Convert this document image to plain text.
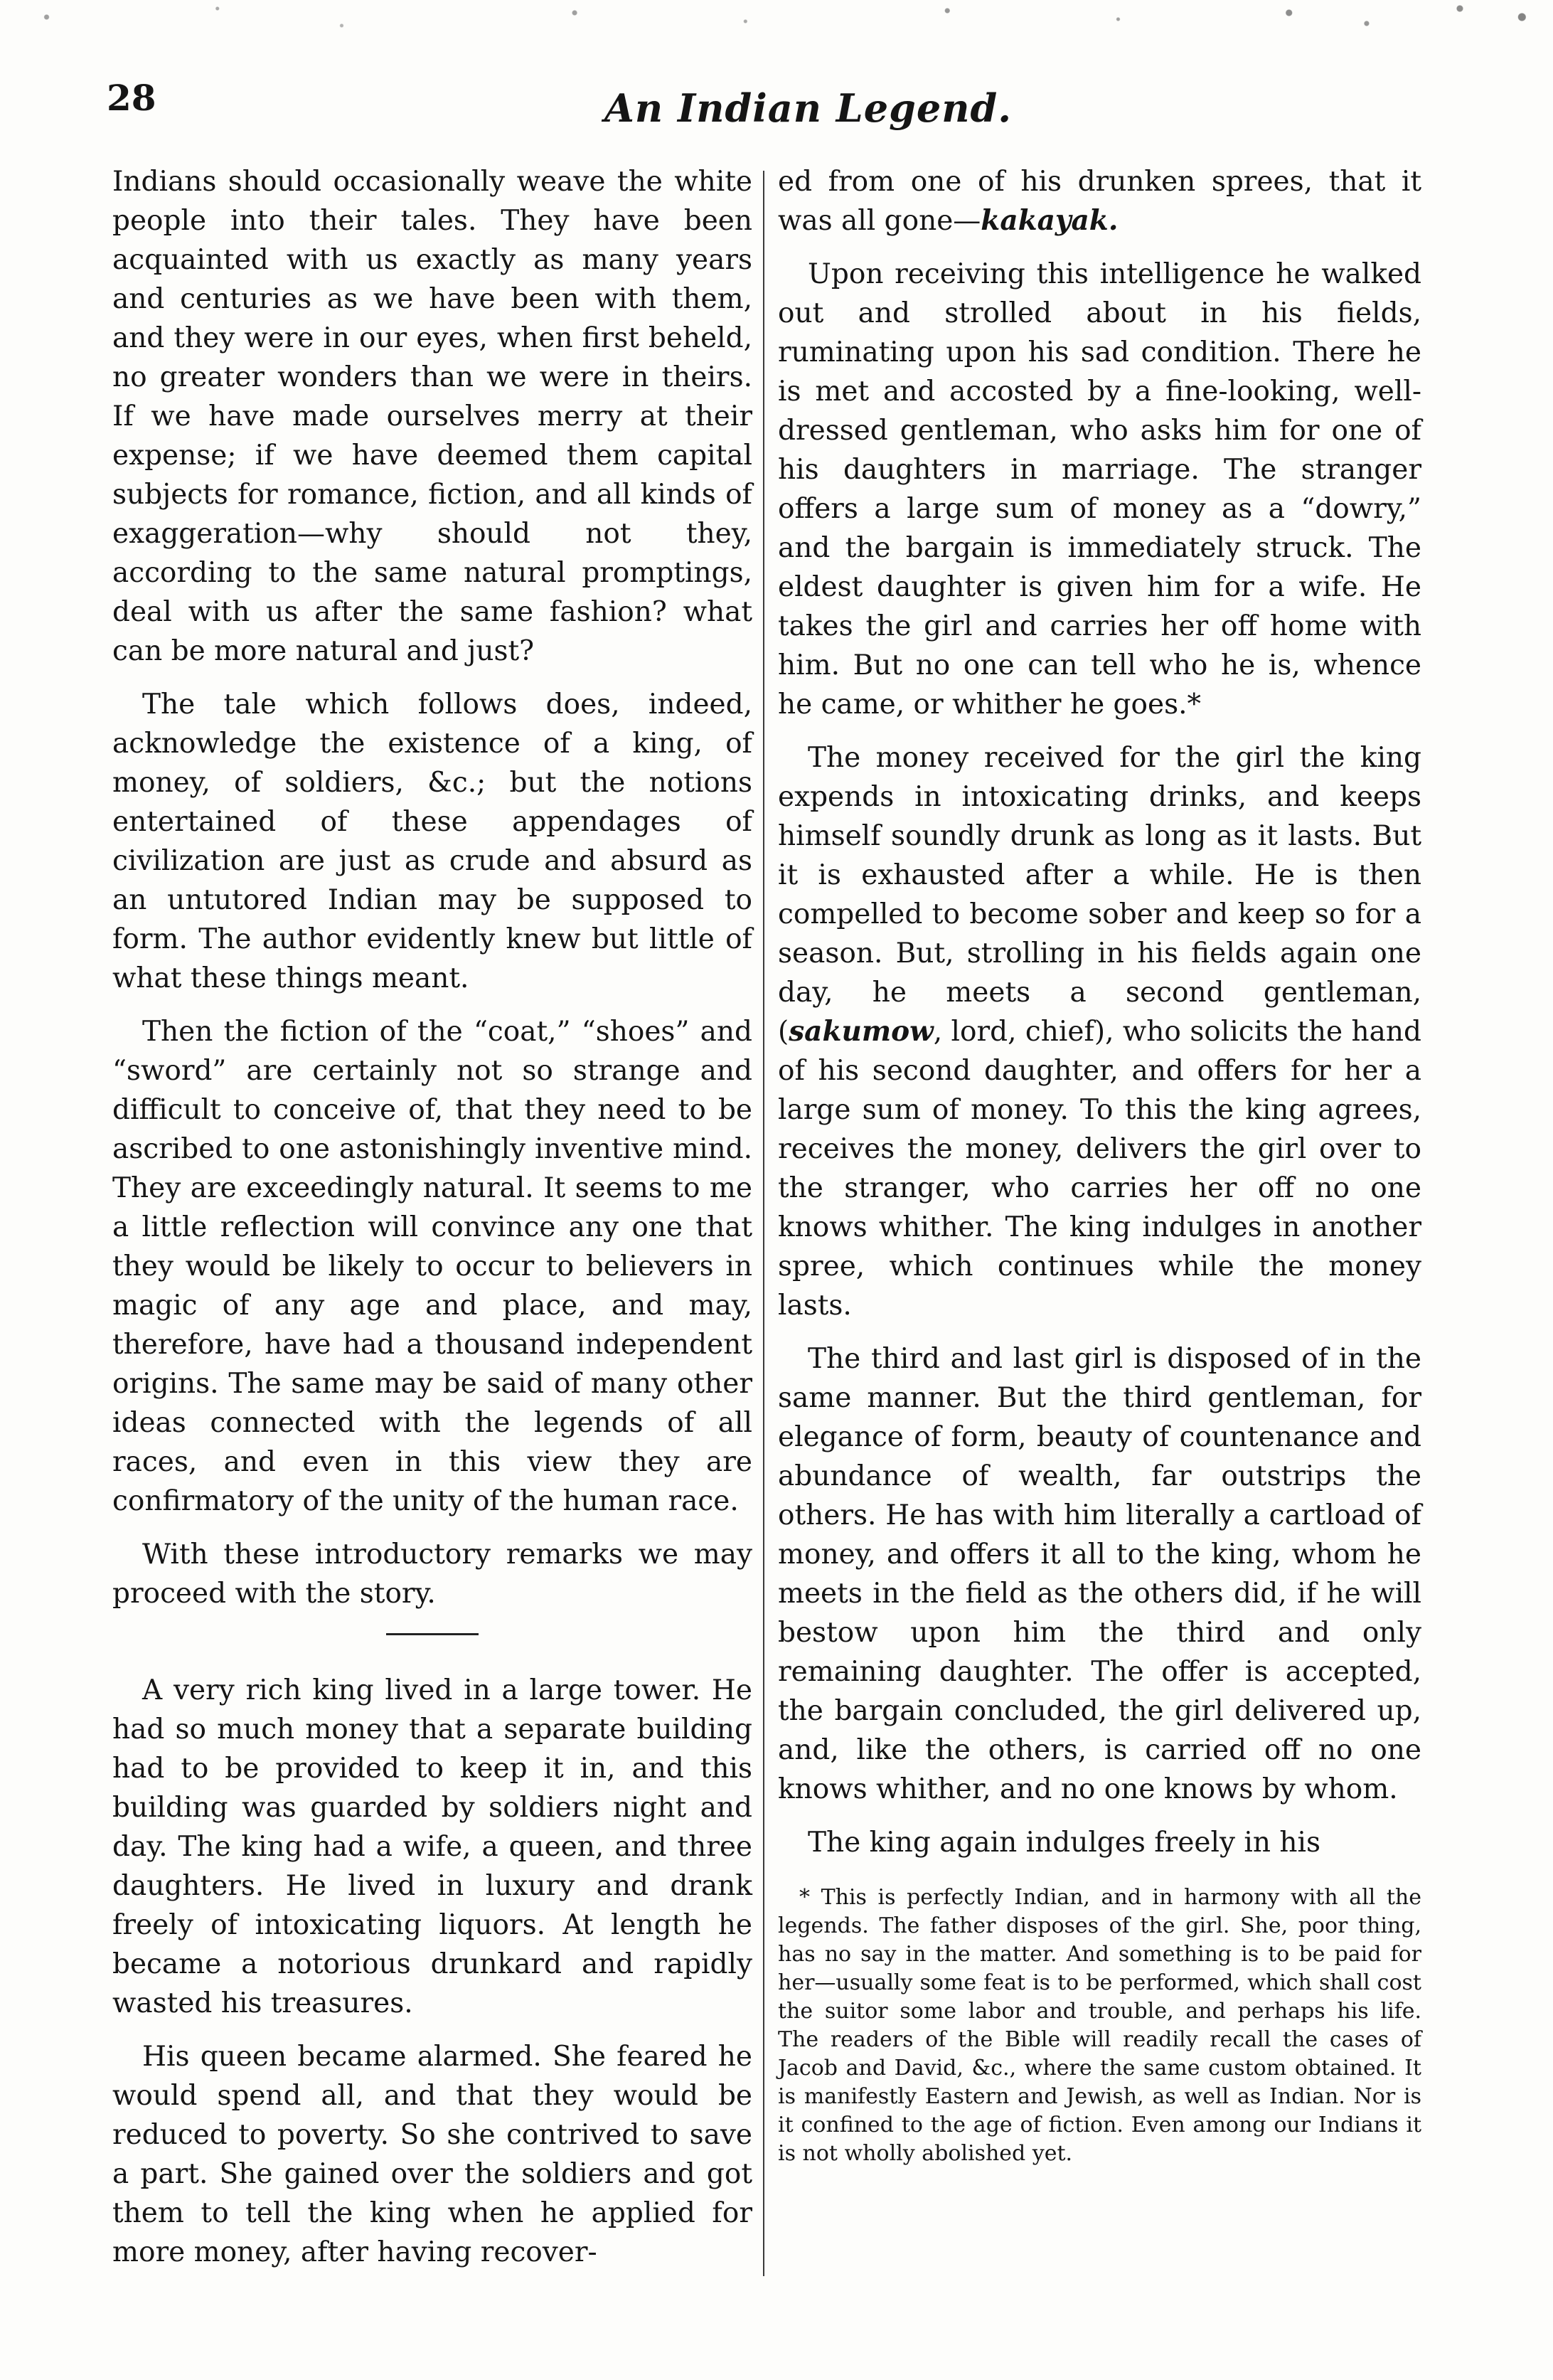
28	An Indian Legend.

Indians should occasionally weave the white people into their tales. They have been acquainted with us exactly as many years and centuries as we have been with them, and they were in our eyes, when first beheld, no greater wonders than we were in theirs. If we have made ourselves merry at their expense; if we have deemed them capital subjects for romance, fiction, and all kinds of exaggeration—why should not they, according to the same natural promptings, deal with us after the same fashion? what can be more natural and just?

The tale which follows does, indeed, acknowledge the existence of a king, of money, of soldiers, &c.; but the notions entertained of these appendages of civilization are just as crude and absurd as an untutored Indian may be supposed to form. The author evidently knew but little of what these things meant.

Then the fiction of the “coat,” “shoes” and “sword” are certainly not so strange and difficult to conceive of, that they need to be ascribed to one astonishingly inventive mind. They are exceedingly natural. It seems to me a little reflection will convince any one that they would be likely to occur to believers in magic of any age and place, and may, therefore, have had a thousand independent origins. The same may be said of many other ideas connected with the legends of all races, and even in this view they are confirmatory of the unity of the human race.

With these introductory remarks we may proceed with the story.

A very rich king lived in a large tower. He had so much money that a separate building had to be provided to keep it in, and this building was guarded by soldiers night and day. The king had a wife, a queen, and three daughters. He lived in luxury and drank freely of intoxicating liquors. At length he became a notorious drunkard and rapidly wasted his treasures.

His queen became alarmed. She feared he would spend all, and that they would be reduced to poverty. So she contrived to save a part. She gained over the soldiers and got them to tell the king when he applied for more money, after having recover-

ed from one of his drunken sprees, that it was all gone—kakayak.

Upon receiving this intelligence he walked out and strolled about in his fields, ruminating upon his sad condition. There he is met and accosted by a fine-looking, well-dressed gentleman, who asks him for one of his daughters in marriage. The stranger offers a large sum of money as a “dowry,” and the bargain is immediately struck. The eldest daughter is given him for a wife. He takes the girl and carries her off home with him. But no one can tell who he is, whence he came, or whither he goes.*

The money received for the girl the king expends in intoxicating drinks, and keeps himself soundly drunk as long as it lasts. But it is exhausted after a while. He is then compelled to become sober and keep so for a season. But, strolling in his fields again one day, he meets a second gentleman, (sakumow, lord, chief), who solicits the hand of his second daughter, and offers for her a large sum of money. To this the king agrees, receives the money, delivers the girl over to the stranger, who carries her off no one knows whither. The king indulges in another spree, which continues while the money lasts.

The third and last girl is disposed of in the same manner. But the third gentleman, for elegance of form, beauty of countenance and abundance of wealth, far outstrips the others. He has with him literally a cartload of money, and offers it all to the king, whom he meets in the field as the others did, if he will bestow upon him the third and only remaining daughter. The offer is accepted, the bargain concluded, the girl delivered up, and, like the others, is carried off no one knows whither, and no one knows by whom.

The king again indulges freely in his

* This is perfectly Indian, and in harmony with all the legends. The father disposes of the girl. She, poor thing, has no say in the matter. And something is to be paid for her—usually some feat is to be performed, which shall cost the suitor some labor and trouble, and perhaps his life. The readers of the Bible will readily recall the cases of Jacob and David, &c., where the same custom obtained. It is manifestly Eastern and Jewish, as well as Indian. Nor is it confined to the age of fiction. Even among our Indians it is not wholly abolished yet.
